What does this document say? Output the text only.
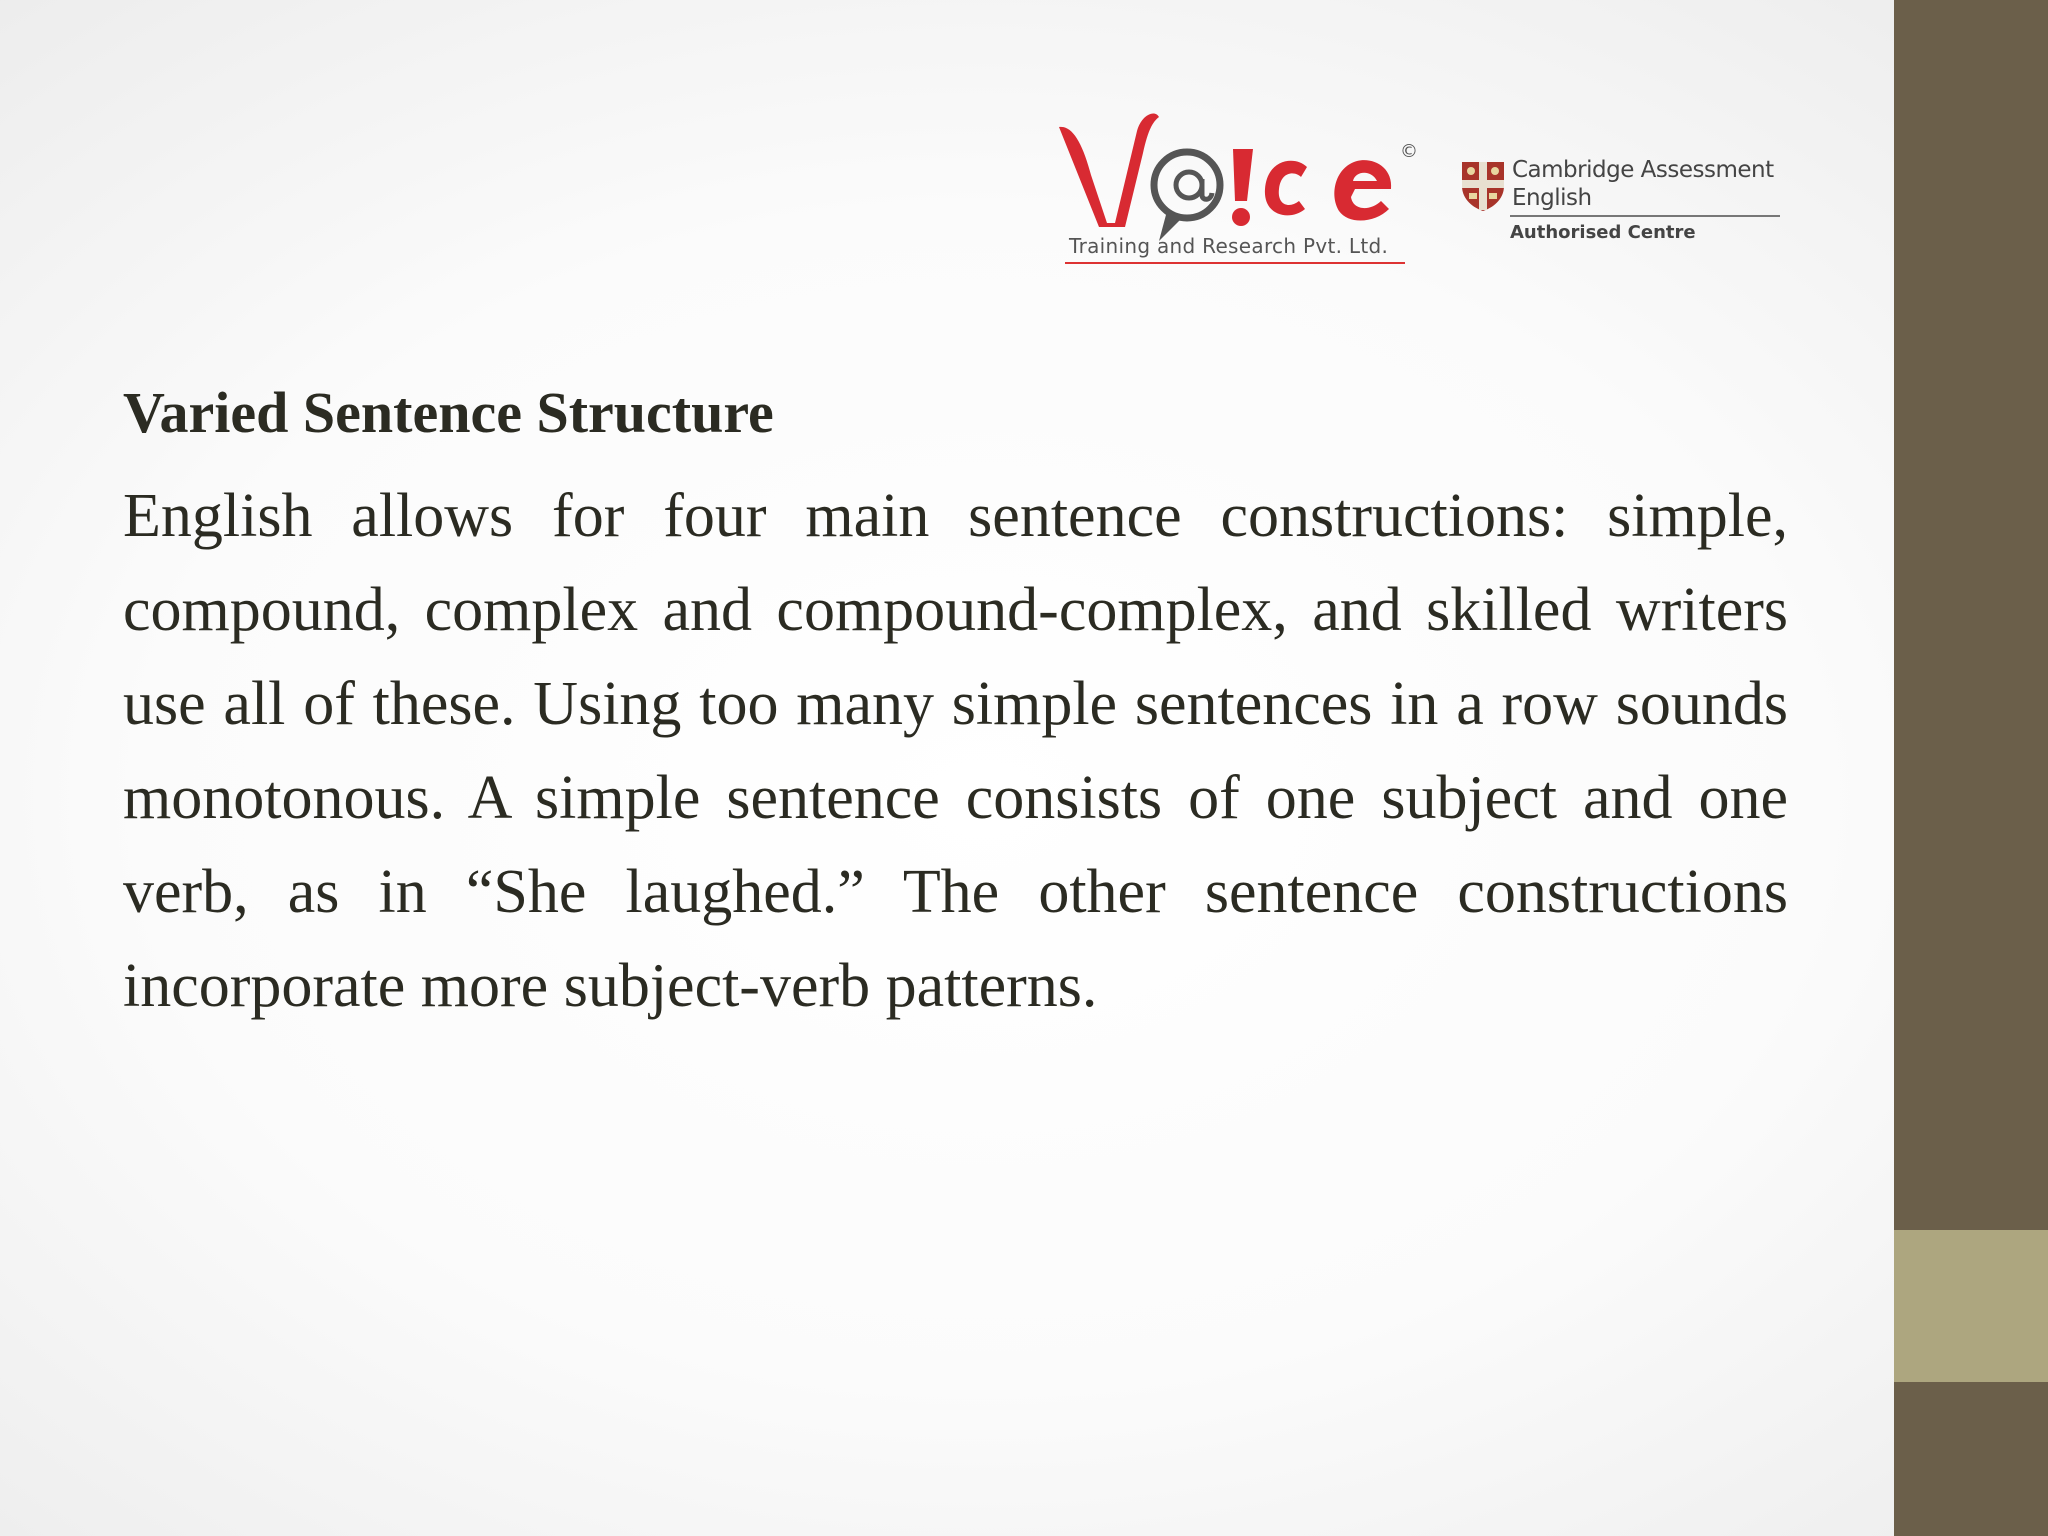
©
Training and Research Pvt. Ltd.
Cambridge Assessment
English
Authorised Centre
Varied Sentence Structure

English allows for four main sentence constructions: simple, compound, complex and compound-complex, and skilled writers use all of these. Using too many simple sentences in a row sounds monotonous. A simple sentence consists of one subject and one verb, as in “She laughed.” The other sentence constructions incorporate more subject-verb patterns.
